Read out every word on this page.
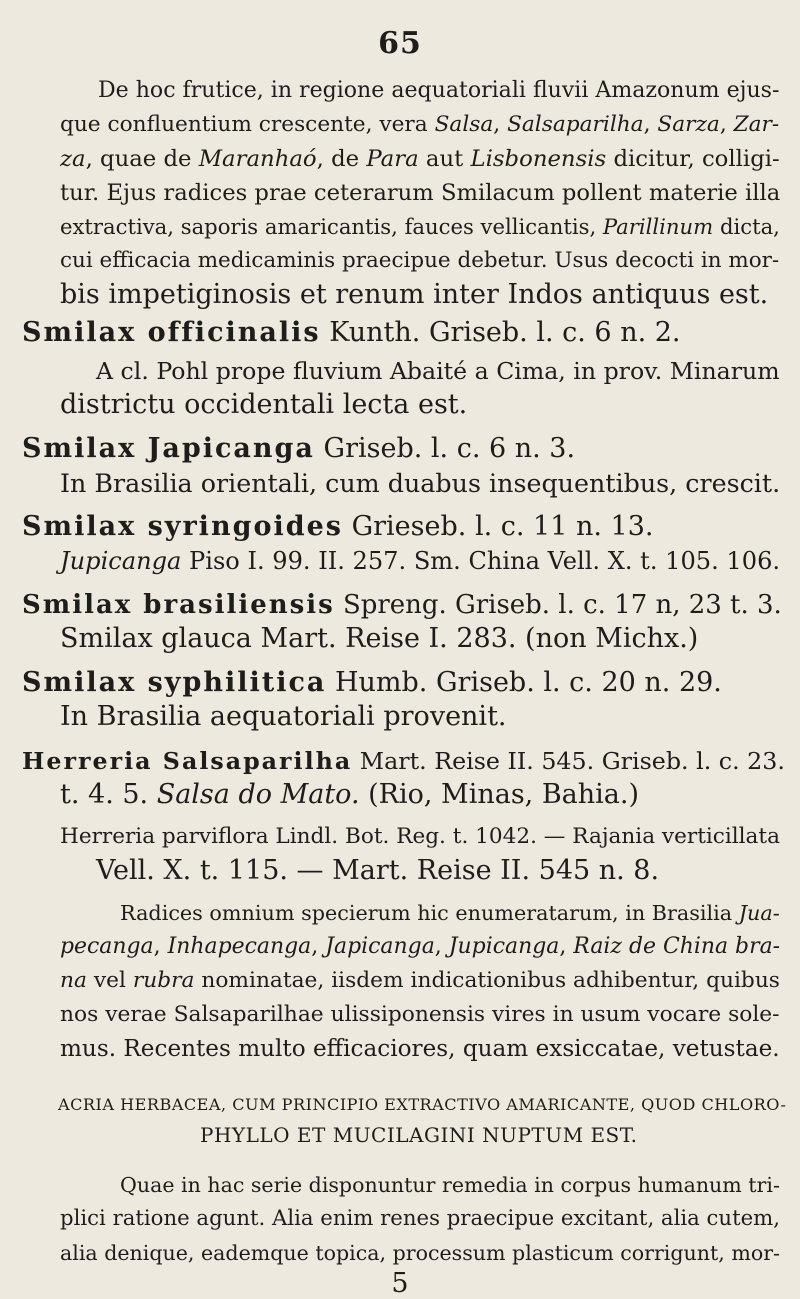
65
De hoc frutice, in regione aequatoriali fluvii Amazonum ejus-
que confluentium crescente, vera Salsa, Salsaparilha, Sarza, Zar-
za, quae de Maranhaó, de Para aut Lisbonensis dicitur, colligi-
tur. Ejus radices prae ceterarum Smilacum pollent materie illa
extractiva, saporis amaricantis, fauces vellicantis, Parillinum dicta,
cui efficacia medicaminis praecipue debetur. Usus decocti in mor-
bis impetiginosis et renum inter Indos antiquus est.
Smilax officinalis Kunth. Griseb. l. c. 6 n. 2.
A cl. Pohl prope fluvium Abaité a Cima, in prov. Minarum
districtu occidentali lecta est.
Smilax Japicanga Griseb. l. c. 6 n. 3.
In Brasilia orientali, cum duabus insequentibus, crescit.
Smilax syringoides Grieseb. l. c. 11 n. 13.
Jupicanga Piso I. 99. II. 257. Sm. China Vell. X. t. 105. 106.
Smilax brasiliensis Spreng. Griseb. l. c. 17 n, 23 t. 3.
Smilax glauca Mart. Reise I. 283. (non Michx.)
Smilax syphilitica Humb. Griseb. l. c. 20 n. 29.
In Brasilia aequatoriali provenit.
Herreria Salsaparilha Mart. Reise II. 545. Griseb. l. c. 23.
t. 4. 5. Salsa do Mato. (Rio, Minas, Bahia.)
Herreria parviflora Lindl. Bot. Reg. t. 1042. — Rajania verticillata
Vell. X. t. 115. — Mart. Reise II. 545 n. 8.
Radices omnium specierum hic enumeratarum, in Brasilia Jua-
pecanga, Inhapecanga, Japicanga, Jupicanga, Raiz de China bra-
na vel rubra nominatae, iisdem indicationibus adhibentur, quibus
nos verae Salsaparilhae ulissiponensis vires in usum vocare sole-
mus. Recentes multo efficaciores, quam exsiccatae, vetustae.
ACRIA HERBACEA, CUM PRINCIPIO EXTRACTIVO AMARICANTE, QUOD CHLORO-
PHYLLO ET MUCILAGINI NUPTUM EST.
Quae in hac serie disponuntur remedia in corpus humanum tri-
plici ratione agunt. Alia enim renes praecipue excitant, alia cutem,
alia denique, eademque topica, processum plasticum corrigunt, mor-
5
